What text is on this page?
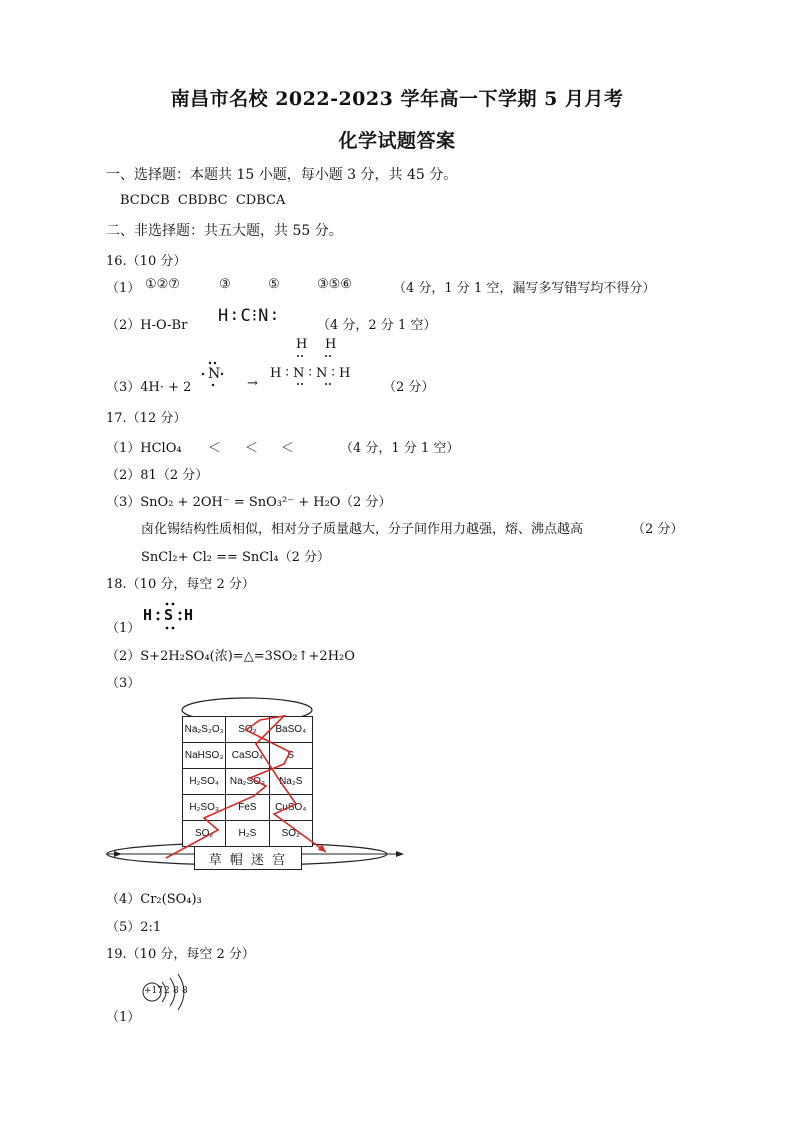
南昌市名校 2022-2023 学年高一下学期 5 月月考
化学试题答案
一、选择题：本题共 15 小题，每小题 3 分，共 45 分。
BCDCB  CBDBC  CDBCA
二、非选择题：共五大题，共 55 分。
16.（10 分）
（1） ①②⑦	③	⑤	③⑤⑥	（4 分，1 分 1 空，漏写多写错写均不得分）
（2）H-O-Br H∶C⁝N∶	（4 分，2 分 1 空）
（3）4H· + 2
N
→
H H
H ∶ N ∶ N ∶ H
（2 分）
17.（12 分）
（1）HClO₄ ＜ ＜ ＜	（4 分，1 分 1 空）
（2）81（2 分）
（3）SnO₂ + 2OH⁻ = SnO₃²⁻ + H₂O （2 分）
卤化锡结构性质相似，相对分子质量越大，分子间作用力越强，熔、沸点越高	（2 分）
SnCl₂+ Cl₂ == SnCl₄（2 分）
18.（10 分，每空 2 分）
（1）
H S H
（2）S+2H₂SO₄(浓)=△=3SO₂↑+2H₂O
（3）
Na₂S₂O₃	SO₂	BaSO₄
NaHSO₃ CaSO₄	S
H₂SO₄	Na₂SO₃	Na₂S
H₂SO₃	FeS	CuSO₄
SO₂	H₂S	SO₂
草 帽 迷 宫
（4）Cr₂(SO₄)₃
（5）2:1
19.（10 分，每空 2 分）
+17 2 8 8
（1）
